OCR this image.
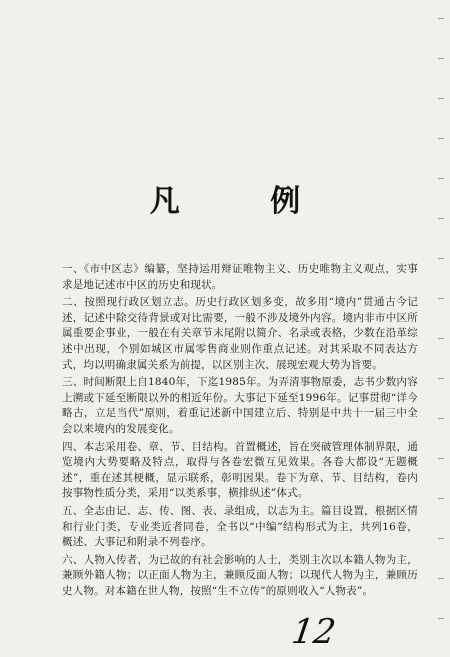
凡 例

一、《市中区志》编纂，坚持运用辩证唯物主义、历史唯物主义观点，实事求是地记述市中区的历史和现状。

二、按照现行政区划立志。历史行政区划多变，故多用“境内”贯通古今记述，记述中除交待背景或对比需要，一般不涉及境外内容。境内非市中区所属重要企事业，一般在有关章节末尾附以简介、名录或表格，少数在沿革综述中出现，个别如城区市属零售商业则作重点记述。对其采取不同表达方式，均以明确隶属关系为前提，以区别主次、展现宏观大势为旨要。

三、时间断限上自1840年，下迄1985年。为弄清事物原委，志书少数内容上溯或下延至断限以外的相近年份。大事记下延至1996年。记事贯彻“详今略古，立足当代”原则，着重记述新中国建立后、特别是中共十一届三中全会以来境内的发展变化。

四、本志采用卷、章、节、目结构。首置概述，旨在突破管理体制界限，通览境内大势要略及特点，取得与各卷宏微互见效果。各卷大都设“无题概述”，重在述其梗概，显示联系，彰明因果。卷下为章、节、目结构，卷内按事物性质分类，采用“以类系事，横排纵述”体式。

五、全志由记、志、传、图、表、录组成，以志为主。篇目设置，根据区情和行业门类，专业类近者同卷，全书以“中编”结构形式为主，共列16卷，概述、大事记和附录不列卷序。

六、人物入传者，为已故的有社会影响的人士，类别主次以本籍人物为主，兼顾外籍人物；以正面人物为主，兼顾反面人物；以现代人物为主，兼顾历史人物。对本籍在世人物，按照“生不立传”的原则收入“人物表”。

12
